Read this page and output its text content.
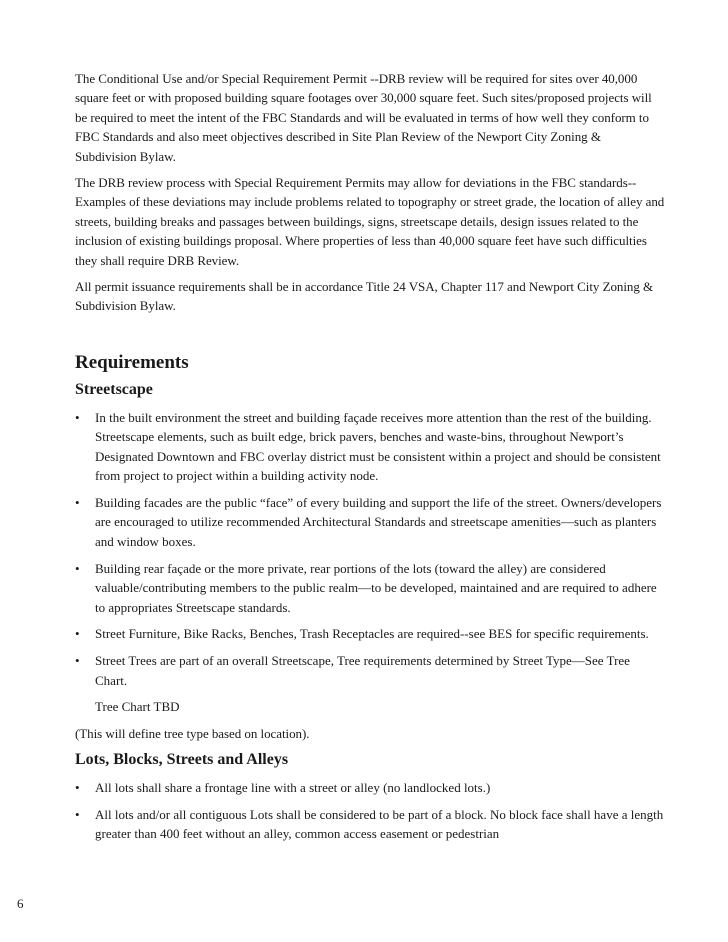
The Conditional Use and/or Special Requirement Permit --DRB review will be required for sites over 40,000 square feet or with proposed building square footages over 30,000 square feet. Such sites/proposed projects will be required to meet the intent of the FBC Standards and will be evaluated in terms of how well they conform to FBC Standards and also meet objectives described in Site Plan Review of the Newport City Zoning & Subdivision Bylaw.

The DRB review process with Special Requirement Permits may allow for deviations in the FBC standards-- Examples of these deviations may include problems related to topography or street grade, the location of alley and streets, building breaks and passages between buildings, signs, streetscape details, design issues related to the inclusion of existing buildings proposal. Where properties of less than 40,000 square feet have such difficulties they shall require DRB Review.

All permit issuance requirements shall be in accordance Title 24 VSA, Chapter 117 and Newport City Zoning & Subdivision Bylaw.

Requirements
Streetscape
•	In the built environment the street and building façade receives more attention than the rest of the building. Streetscape elements, such as built edge, brick pavers, benches and waste-bins, throughout Newport’s Designated Downtown and FBC overlay district must be consistent within a project and should be consistent from project to project within a building activity node.
•	Building facades are the public “face” of every building and support the life of the street. Owners/developers are encouraged to utilize recommended Architectural Standards and streetscape amenities—such as planters and window boxes.
•	Building rear façade or the more private, rear portions of the lots (toward the alley) are considered valuable/contributing members to the public realm—to be developed, maintained and are required to adhere to appropriates Streetscape standards.
•	Street Furniture, Bike Racks, Benches, Trash Receptacles are required--see BES for specific requirements.
•	Street Trees are part of an overall Streetscape, Tree requirements determined by Street Type—See Tree Chart.
Tree Chart TBD

(This will define tree type based on location).

Lots, Blocks, Streets and Alleys
•	All lots shall share a frontage line with a street or alley (no landlocked lots.)
•	All lots and/or all contiguous Lots shall be considered to be part of a block. No block face shall have a length greater than 400 feet without an alley, common access easement or pedestrian
6
